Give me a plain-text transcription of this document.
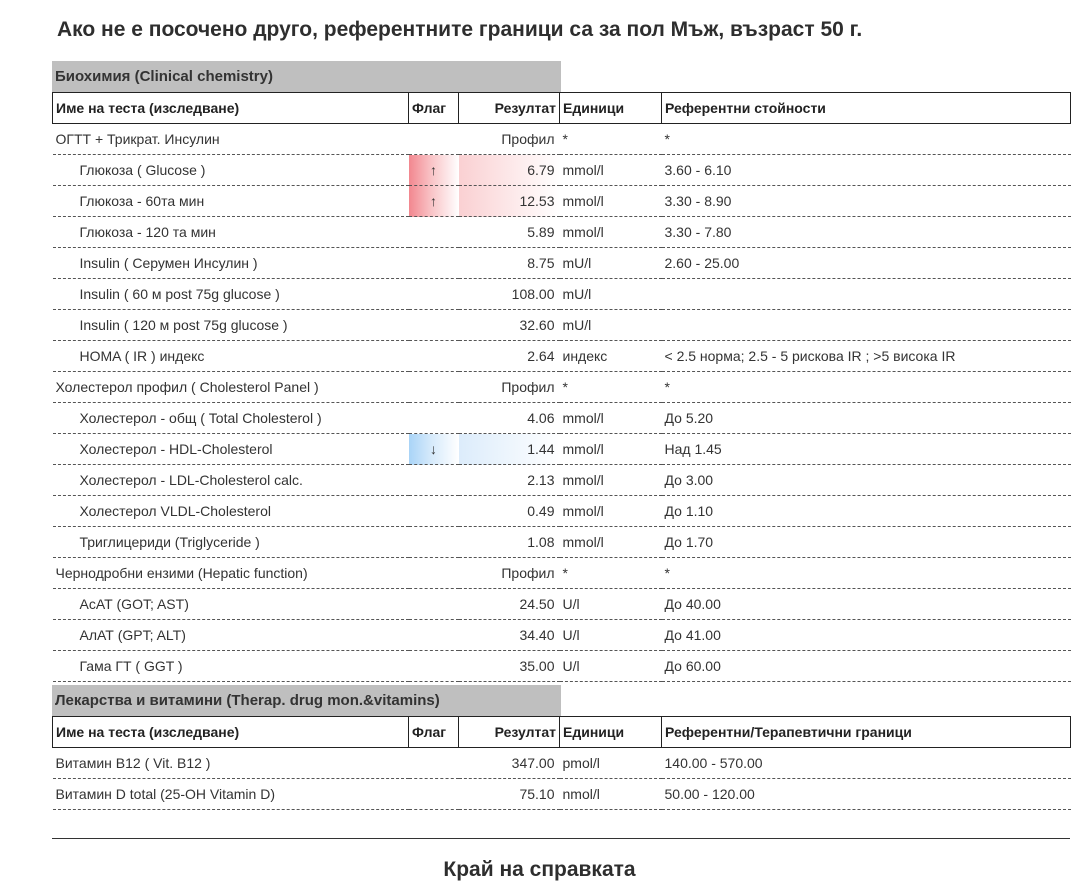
Ако не е посочено друго, референтните граници са за пол Мъж, възраст 50 г.
Биохимия (Clinical chemistry)
Име на теста (изследване)	Флаг	Резултат	Единици	Референтни стойности
ОГТТ + Трикрат. Инсулин		Профил	*	*
Глюкоза ( Glucose )	↑	6.79	mmol/l	3.60 - 6.10
Глюкоза - 60та мин	↑	12.53	mmol/l	3.30 - 8.90
Глюкоза - 120 та мин		5.89	mmol/l	3.30 - 7.80
Insulin ( Серумен Инсулин )		8.75	mU/l	2.60 - 25.00
Insulin ( 60 м post 75g glucose )		108.00	mU/l	
Insulin ( 120 м post 75g glucose )		32.60	mU/l	
HOMA ( IR ) индекс		2.64	индекс	< 2.5 норма; 2.5 - 5 рискова IR ; >5 висока IR
Холестерол профил ( Cholesterol Panel )		Профил	*	*
Холестерол - общ ( Total Cholesterol )		4.06	mmol/l	До 5.20
Холестерол - HDL-Cholesterol	↓	1.44	mmol/l	Над 1.45
Холестерол - LDL-Cholesterol calc.		2.13	mmol/l	До 3.00
Холестерол VLDL-Cholesterol		0.49	mmol/l	До 1.10
Триглицериди (Triglyceride )		1.08	mmol/l	До 1.70
Чернодробни ензими (Hepatic function)		Профил	*	*
АсАТ (GOT; AST)		24.50	U/l	До 40.00
АлАТ (GPT; ALT)		34.40	U/l	До 41.00
Гама ГТ ( GGT )		35.00	U/l	До 60.00
Лекарства и витамини (Therap. drug mon.&vitamins)
Име на теста (изследване)	Флаг	Резултат	Единици	Референтни/Терапевтични граници
Витамин B12 ( Vit. B12 )		347.00	pmol/l	140.00 - 570.00
Витамин D total (25-OH Vitamin D)		75.10	nmol/l	50.00 - 120.00
Край на справката
